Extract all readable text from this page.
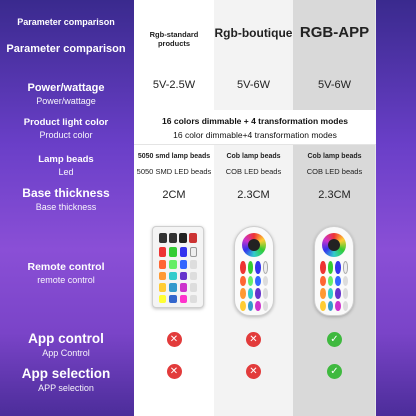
Parameter comparison
Parameter comparison
Power/wattage
Power/wattage
Product light color
Product color
Lamp beads
Led
Base thickness
Base thickness
Remote control
remote control
App control
App Control
App selection
APP selection
Rgb-standard products
5V-2.5W
5050 smd lamp beads
5050 SMD LED beads
2CM
✕
✕
Rgb-boutique
5V-6W
Cob lamp beads
COB LED beads
2.3CM
✕
✕
RGB-APP
5V-6W
Cob lamp beads
COB LED beads
2.3CM
✓
✓
16 colors dimmable + 4 transformation modes
16 color dimmable+4 transformation modes
